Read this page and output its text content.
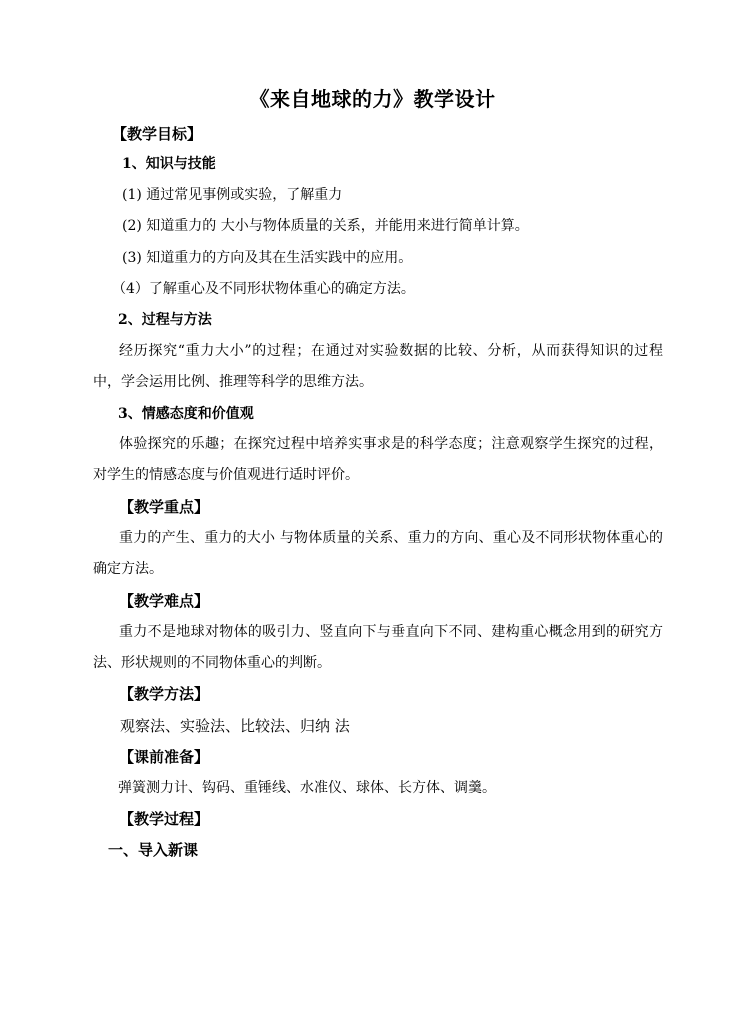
《来自地球的力》教学设计
【教学目标】
1、知识与技能
(1) 通过常见事例或实验，了解重力
(2) 知道重力的 大小与物体质量的关系，并能用来进行简单计算。
(3) 知道重力的方向及其在生活实践中的应用。
（4）了解重心及不同形状物体重心的确定方法。
2、过程与方法
经历探究“重力大小”的过程；在通过对实验数据的比较、分析，从而获得知识的过程中，学会运用比例、推理等科学的思维方法。
3、情感态度和价值观
体验探究的乐趣；在探究过程中培养实事求是的科学态度；注意观察学生探究的过程，对学生的情感态度与价值观进行适时评价。
【教学重点】
重力的产生、重力的大小 与物体质量的关系、重力的方向、重心及不同形状物体重心的确定方法。
【教学难点】
重力不是地球对物体的吸引力、竖直向下与垂直向下不同、建构重心概念用到的研究方法、形状规则的不同物体重心的判断。
【教学方法】
观察法、实验法、比较法、归纳 法
【课前准备】
弹簧测力计、钩码、重锤线、水准仪、球体、长方体、调羹。
【教学过程】
一、导入新课
